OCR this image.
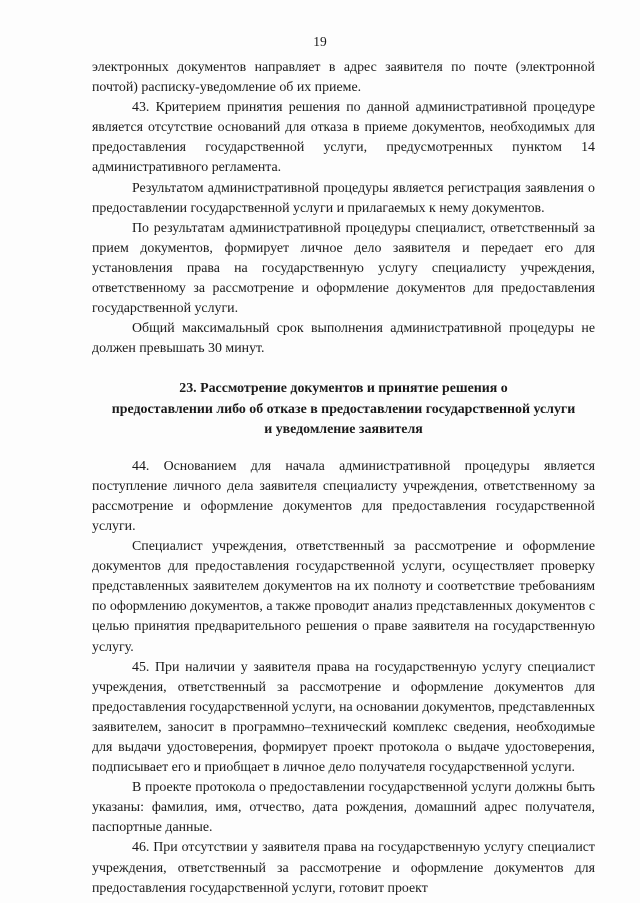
19

электронных документов направляет в адрес заявителя по почте (электронной почтой) расписку-уведомление об их приеме.

43. Критерием принятия решения по данной административной процедуре является отсутствие оснований для отказа в приеме документов, необходимых для предоставления государственной услуги, предусмотренных пунктом 14 административного регламента.

Результатом административной процедуры является регистрация заявления о предоставлении государственной услуги и прилагаемых к нему документов.

По результатам административной процедуры специалист, ответственный за прием документов, формирует личное дело заявителя и передает его для установления права на государственную услугу специалисту учреждения, ответственному за рассмотрение и оформление документов для предоставления государственной услуги.

Общий максимальный срок выполнения административной процедуры не должен превышать 30 минут.

23. Рассмотрение документов и принятие решения о
предоставлении либо об отказе в предоставлении государственной услуги
и уведомление заявителя

44. Основанием для начала административной процедуры является поступление личного дела заявителя специалисту учреждения, ответственному за рассмотрение и оформление документов для предоставления государственной услуги.

Специалист учреждения, ответственный за рассмотрение и оформление документов для предоставления государственной услуги, осуществляет проверку представленных заявителем документов на их полноту и соответствие требованиям по оформлению документов, а также проводит анализ представленных документов с целью принятия предварительного решения о праве заявителя на государственную услугу.

45. При наличии у заявителя права на государственную услугу специалист учреждения, ответственный за рассмотрение и оформление документов для предоставления государственной услуги, на основании документов, представленных заявителем, заносит в программно–технический комплекс сведения, необходимые для выдачи удостоверения, формирует проект протокола о выдаче удостоверения, подписывает его и приобщает в личное дело получателя государственной услуги.

В проекте протокола о предоставлении государственной услуги должны быть указаны: фамилия, имя, отчество, дата рождения, домашний адрес получателя, паспортные данные.

46. При отсутствии у заявителя права на государственную услугу специалист учреждения, ответственный за рассмотрение и оформление документов для предоставления государственной услуги, готовит проект
